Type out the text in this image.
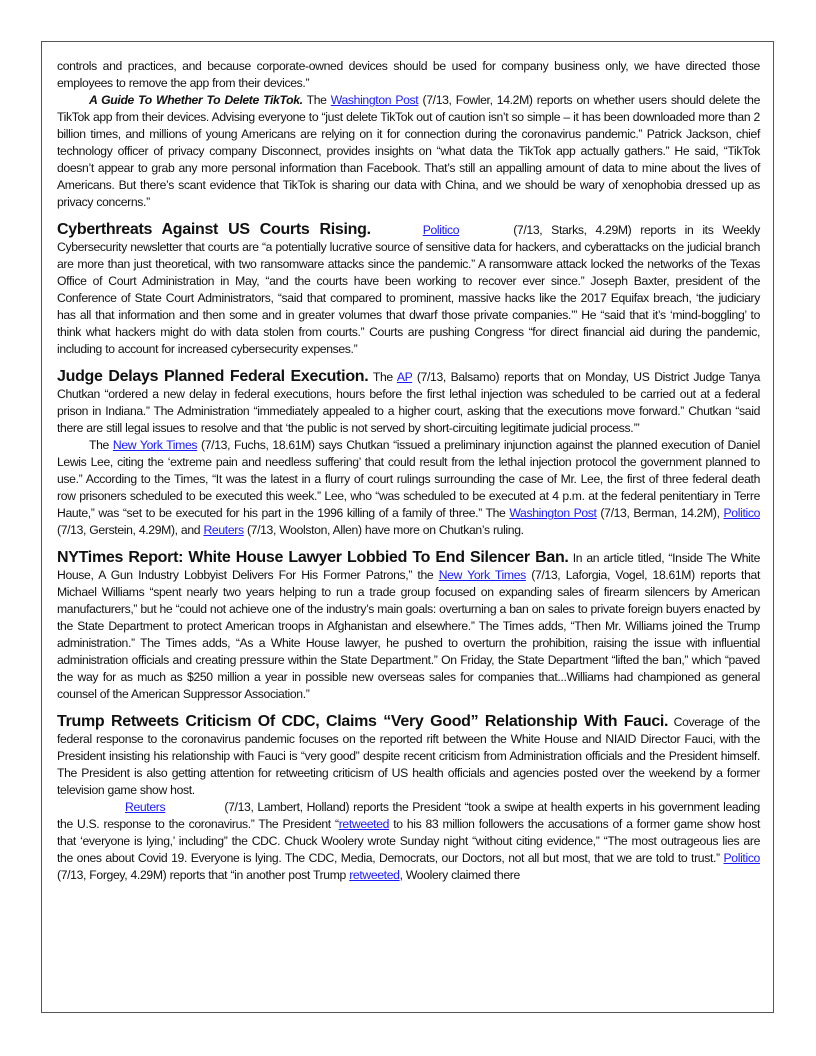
controls and practices, and because corporate-owned devices should be used for company business only, we have directed those employees to remove the app from their devices.”

A Guide To Whether To Delete TikTok. The Washington Post (7/13, Fowler, 14.2M) reports on whether users should delete the TikTok app from their devices. Advising everyone to “just delete TikTok out of caution isn’t so simple – it has been downloaded more than 2 billion times, and millions of young Americans are relying on it for connection during the coronavirus pandemic.” Patrick Jackson, chief technology officer of privacy company Disconnect, provides insights on “what data the TikTok app actually gathers.” He said, “TikTok doesn’t appear to grab any more personal information than Facebook. That’s still an appalling amount of data to mine about the lives of Americans. But there’s scant evidence that TikTok is sharing our data with China, and we should be wary of xenophobia dressed up as privacy concerns.”

Cyberthreats Against US Courts Rising.	Politico	(7/13, Starks, 4.29M) reports in its Weekly Cybersecurity newsletter that courts are “a potentially lucrative source of sensitive data for hackers, and cyberattacks on the judicial branch are more than just theoretical, with two ransomware attacks since the pandemic.” A ransomware attack locked the networks of the Texas Office of Court Administration in May, “and the courts have been working to recover ever since.” Joseph Baxter, president of the Conference of State Court Administrators, “said that compared to prominent, massive hacks like the 2017 Equifax breach, ‘the judiciary has all that information and then some and in greater volumes that dwarf those private companies.’” He “said that it’s ‘mind-boggling’ to think what hackers might do with data stolen from courts.” Courts are pushing Congress “for direct financial aid during the pandemic, including to account for increased cybersecurity expenses.”

Judge Delays Planned Federal Execution. The AP (7/13, Balsamo) reports that on Monday, US District Judge Tanya Chutkan “ordered a new delay in federal executions, hours before the first lethal injection was scheduled to be carried out at a federal prison in Indiana.” The Administration “immediately appealed to a higher court, asking that the executions move forward.” Chutkan “said there are still legal issues to resolve and that ‘the public is not served by short-circuiting legitimate judicial process.’”

The New York Times (7/13, Fuchs, 18.61M) says Chutkan “issued a preliminary injunction against the planned execution of Daniel Lewis Lee, citing the ‘extreme pain and needless suffering’ that could result from the lethal injection protocol the government planned to use.” According to the Times, “It was the latest in a flurry of court rulings surrounding the case of Mr. Lee, the first of three federal death row prisoners scheduled to be executed this week.” Lee, who “was scheduled to be executed at 4 p.m. at the federal penitentiary in Terre Haute,” was “set to be executed for his part in the 1996 killing of a family of three.” The Washington Post (7/13, Berman, 14.2M), Politico (7/13, Gerstein, 4.29M), and Reuters (7/13, Woolston, Allen) have more on Chutkan’s ruling.

NYTimes Report: White House Lawyer Lobbied To End Silencer Ban. In an article titled, “Inside The White House, A Gun Industry Lobbyist Delivers For His Former Patrons,” the New York Times (7/13, Laforgia, Vogel, 18.61M) reports that Michael Williams “spent nearly two years helping to run a trade group focused on expanding sales of firearm silencers by American manufacturers,” but he “could not achieve one of the industry’s main goals: overturning a ban on sales to private foreign buyers enacted by the State Department to protect American troops in Afghanistan and elsewhere.” The Times adds, “Then Mr. Williams joined the Trump administration.” The Times adds, “As a White House lawyer, he pushed to overturn the prohibition, raising the issue with influential administration officials and creating pressure within the State Department.” On Friday, the State Department “lifted the ban,” which “paved the way for as much as $250 million a year in possible new overseas sales for companies that...Williams had championed as general counsel of the American Suppressor Association.”

Trump Retweets Criticism Of CDC, Claims “Very Good” Relationship With Fauci. Coverage of the federal response to the coronavirus pandemic focuses on the reported rift between the White House and NIAID Director Fauci, with the President insisting his relationship with Fauci is “very good” despite recent criticism from Administration officials and the President himself. The President is also getting attention for retweeting criticism of US health officials and agencies posted over the weekend by a former television game show host.

Reuters     (7/13, Lambert, Holland) reports the President “took a swipe at health experts in his government leading the U.S. response to the coronavirus.” The President “retweeted to his 83 million followers the accusations of a former game show host that ‘everyone is lying,’ including” the CDC. Chuck Woolery wrote Sunday night “without citing evidence,” “The most outrageous lies are the ones about Covid 19. Everyone is lying. The CDC, Media, Democrats, our Doctors, not all but most, that we are told to trust.” Politico (7/13, Forgey, 4.29M) reports that “in another post Trump retweeted, Woolery claimed there
